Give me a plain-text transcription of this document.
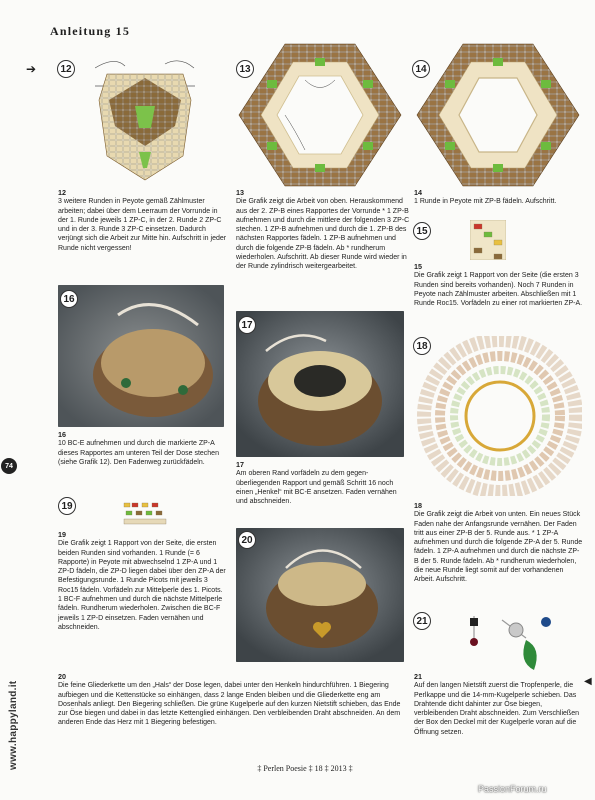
Anleitung 15
➔
◀
12
12
3 weitere Runden in Peyote gemäß Zählmuster arbeiten; dabei über dem Leerraum der Vorrunde in der 1. Runde jeweils 1 ZP-C, in der 2. Runde 2 ZP-C und in der 3. Runde 3 ZP-C einsetzen. Dadurch verjüngt sich die Arbeit zur Mitte hin. Aufschritt in jeder Runde nicht vergessen!
13
13
Die Grafik zeigt die Arbeit von oben. Herauskommend aus der 2. ZP-B eines Rapportes der Vorrunde * 1 ZP-B aufnehmen und durch die mittlere der folgenden 3 ZP-C stechen. 1 ZP-B aufnehmen und durch die 1. ZP-B des nächsten Rapportes fädeln. 1 ZP-B aufnehmen und durch die folgende ZP-B fädeln. Ab * rundherum wiederholen. Aufschritt. Ab dieser Runde wird wieder in der Runde zylindrisch weitergearbeitet.
14
14
1 Runde in Peyote mit ZP-B fädeln. Aufschritt.
15
15
Die Grafik zeigt 1 Rapport von der Seite (die ersten 3 Runden sind bereits vorhanden). Noch 7 Runden in Peyote nach Zählmuster arbeiten. Abschließen mit 1 Runde Roc15. Vorfädeln zu einer rot markierten ZP-A.
16
16
10 BC-E aufnehmen und durch die markierte ZP-A dieses Rapportes am unteren Teil der Dose stechen (siehe Grafik 12). Den Fadenweg zurückfädeln.
17
17
Am oberen Rand vorfädeln zu dem gegenüberliegenden Rapport und gemäß Schritt 16 noch einen „Henkel“ mit BC-E ansetzen. Faden vernähen und abschneiden.
18
18
Die Grafik zeigt die Arbeit von unten. Ein neues Stück Faden nahe der Anfangsrunde vernähen. Der Faden tritt aus einer ZP-B der 5. Runde aus. * 1 ZP-A aufnehmen und durch die folgende ZP-A der 5. Runde fädeln. 1 ZP-A aufnehmen und durch die nächste ZP-B der 5. Runde fädeln. Ab * rundherum wiederholen, die neue Runde liegt somit auf der vorhandenen Arbeit. Aufschritt.
19
19
Die Grafik zeigt 1 Rapport von der Seite, die ersten beiden Runden sind vorhanden. 1 Runde (= 6 Rapporte) in Peyote mit abwechselnd 1 ZP-A und 1 ZP-D fädeln, die ZP-D liegen dabei über den ZP-A der Befestigungsrunde. 1 Runde Picots mit jeweils 3 Roc15 fädeln. Vorfädeln zur Mittelperle des 1. Picots. 1 BC-F aufnehmen und durch die nächste Mittelperle fädeln. Rundherum wiederholen. Zwischen die BC-F jeweils 1 ZP-D einsetzen. Faden vernähen und abschneiden.
20
21
21
Auf den langen Nietstift zuerst die Tropfenperle, die Perlkappe und die 14-mm-Kugelperle schieben. Das Drahtende dicht dahinter zur Öse biegen, verbleibenden Draht abschneiden. Zum Verschließen der Box den Deckel mit der Kugelperle voran auf die Öffnung setzen.
20
Die feine Gliederkette um den „Hals“ der Dose legen, dabei unter den Henkeln hindurchführen. 1 Biegering aufbiegen und die Kettenstücke so einhängen, dass 2 lange Enden bleiben und die Gliederkette eng am Dosenhals anliegt. Den Biegering schließen. Die grüne Kugelperle auf den kurzen Nietstift schieben, das Ende zur Öse biegen und dabei in das letzte Kettenglied einhängen. Den verbleibenden Draht abschneiden. An dem anderen Ende das Herz mit 1 Biegering befestigen.
74
www.happyland.it	‡ Perlen Poesie ‡ 18 ‡ 2013 ‡
PassionForum.ru
